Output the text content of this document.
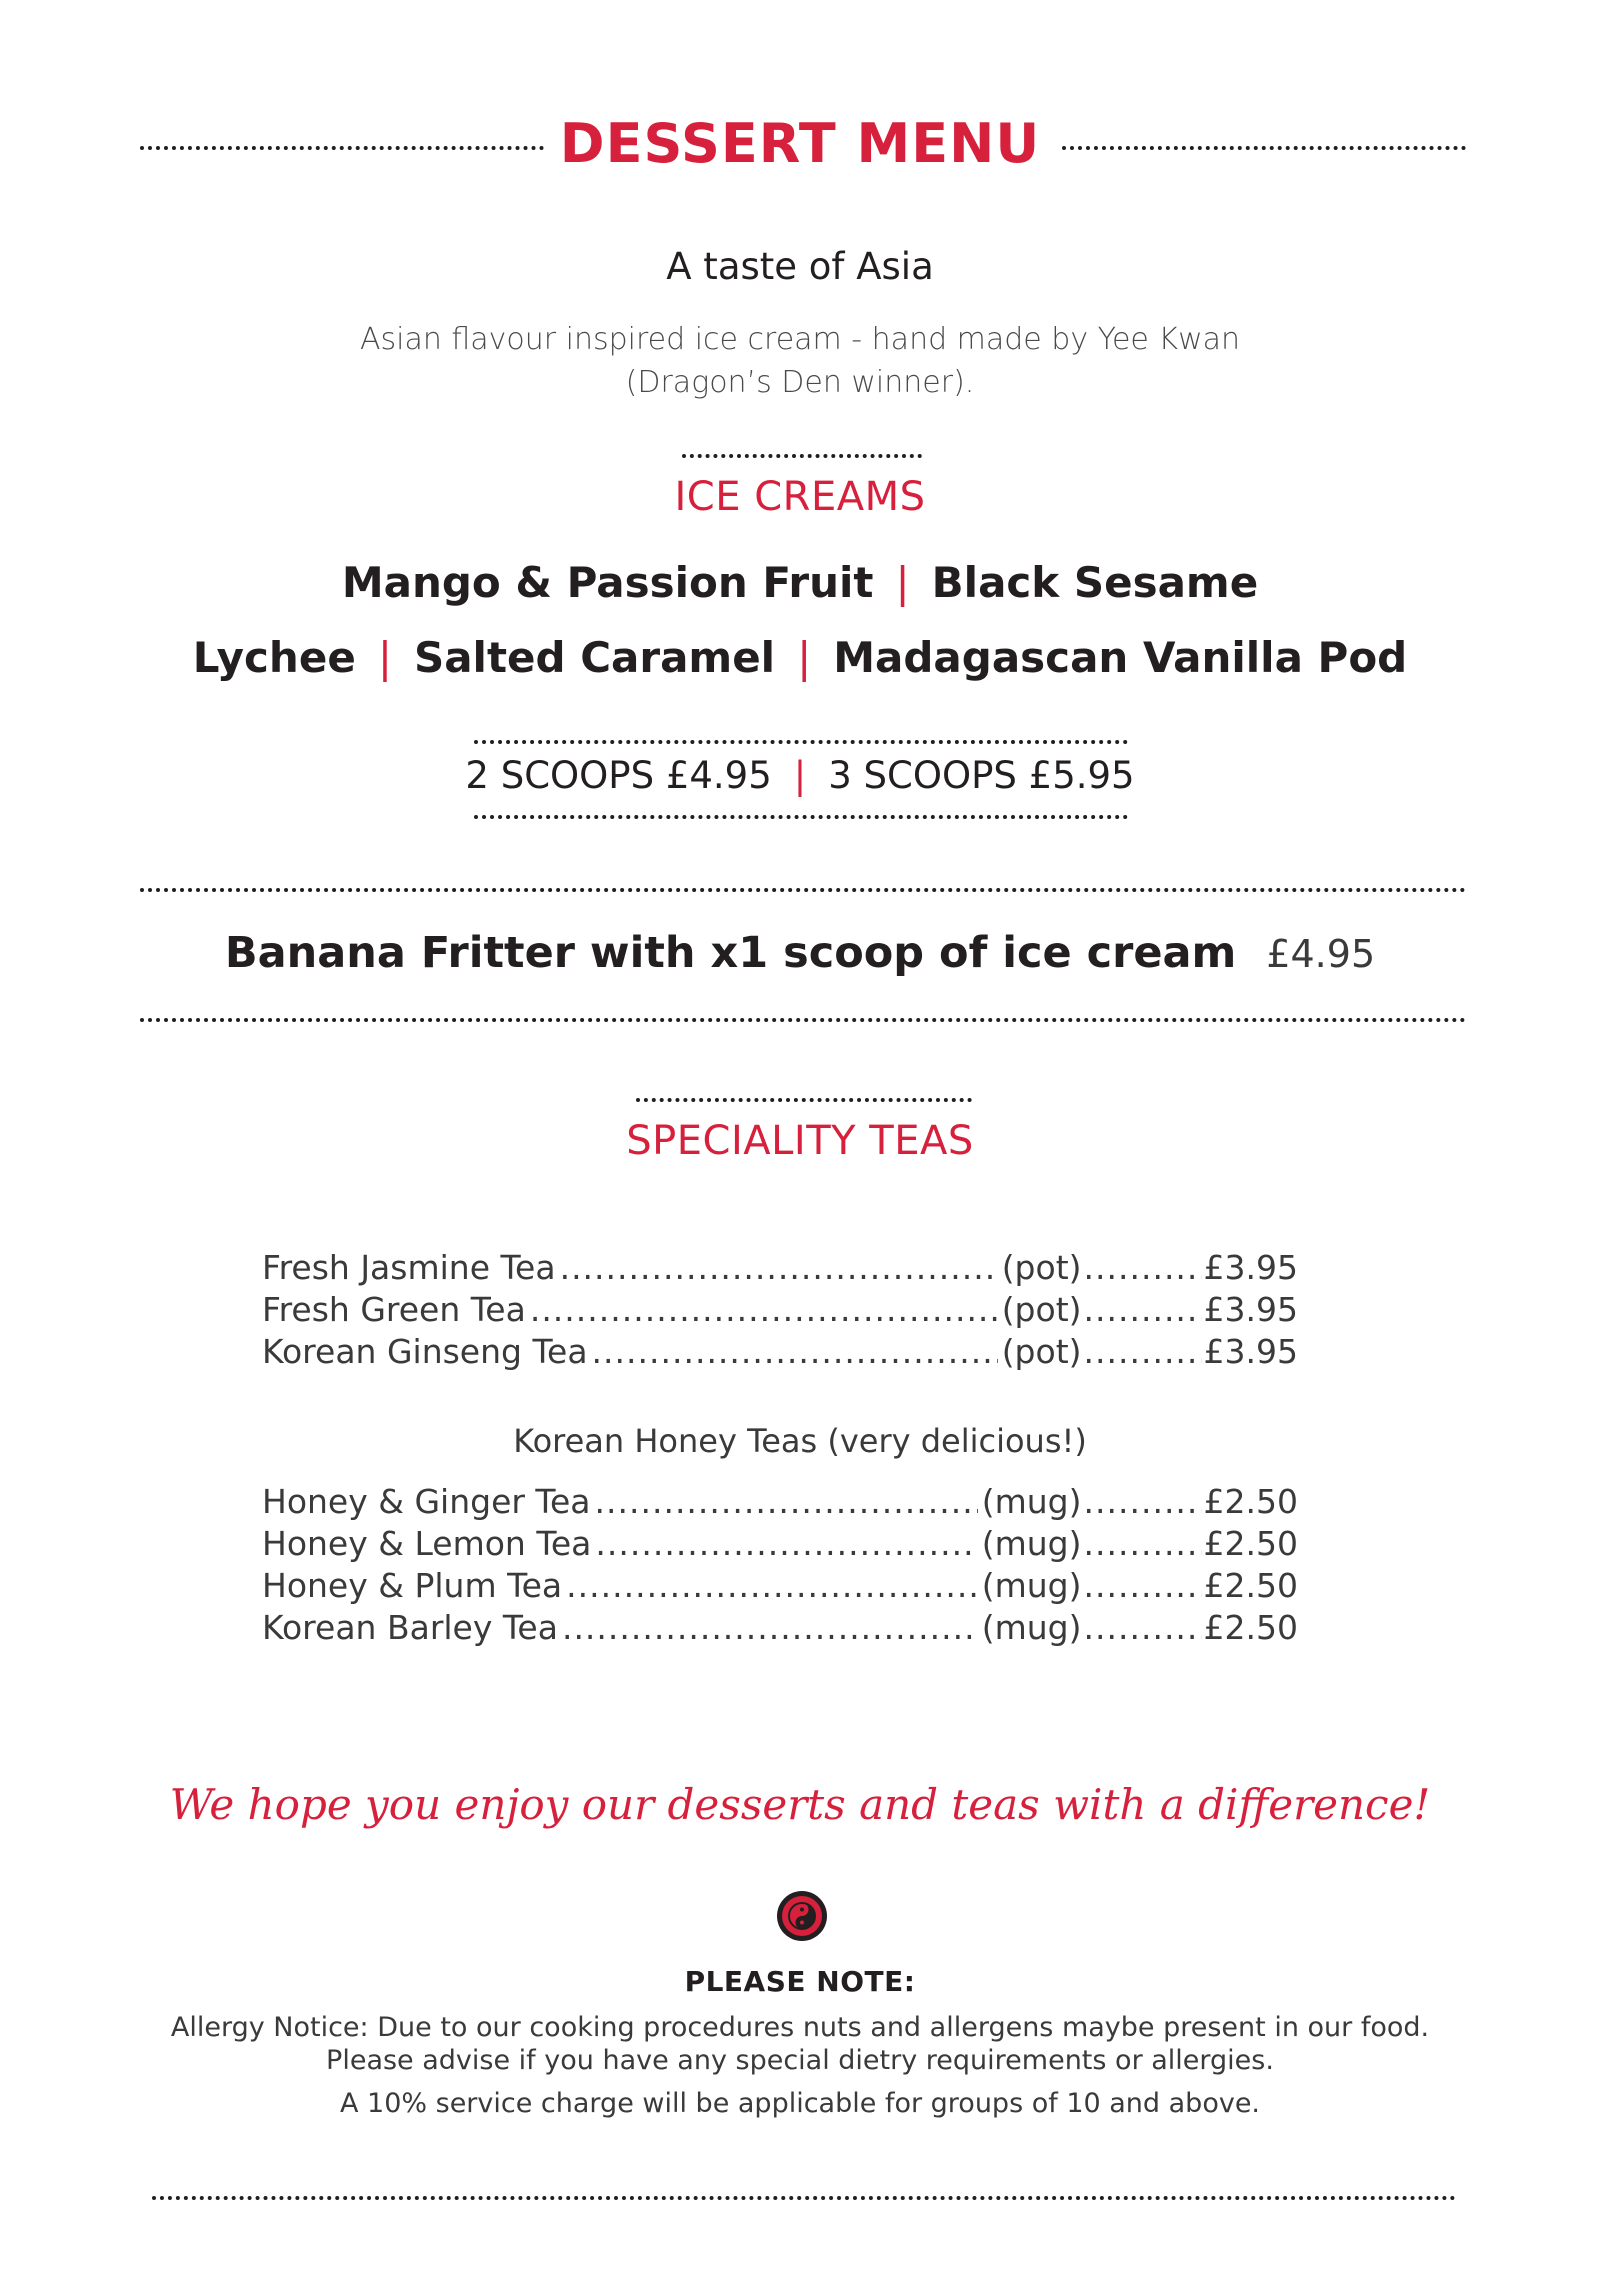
DESSERT MENU
A taste of Asia
Asian flavour inspired ice cream - hand made by Yee Kwan
(Dragon’s Den winner).
ICE CREAMS
Mango & Passion Fruit | Black Sesame
Lychee | Salted Caramel | Madagascan Vanilla Pod
2 SCOOPS £4.95 | 3 SCOOPS £5.95
Banana Fritter with x1 scoop of ice cream £4.95
SPECIALITY TEAS
Fresh Jasmine Tea .....	(pot) .....	£3.95
Fresh Green Tea .....	(pot) .....	£3.95
Korean Ginseng Tea .....	(pot) .....	£3.95
Korean Honey Teas (very delicious!)
Honey & Ginger Tea .....	(mug) .....	£2.50
Honey & Lemon Tea .....	(mug) .....	£2.50
Honey & Plum Tea .....	(mug) .....	£2.50
Korean Barley Tea .....	(mug) .....	£2.50
We hope you enjoy our desserts and teas with a difference!
PLEASE NOTE:
Allergy Notice: Due to our cooking procedures nuts and allergens maybe present in our food.
Please advise if you have any special dietry requirements or allergies.
A 10% service charge will be applicable for groups of 10 and above.
